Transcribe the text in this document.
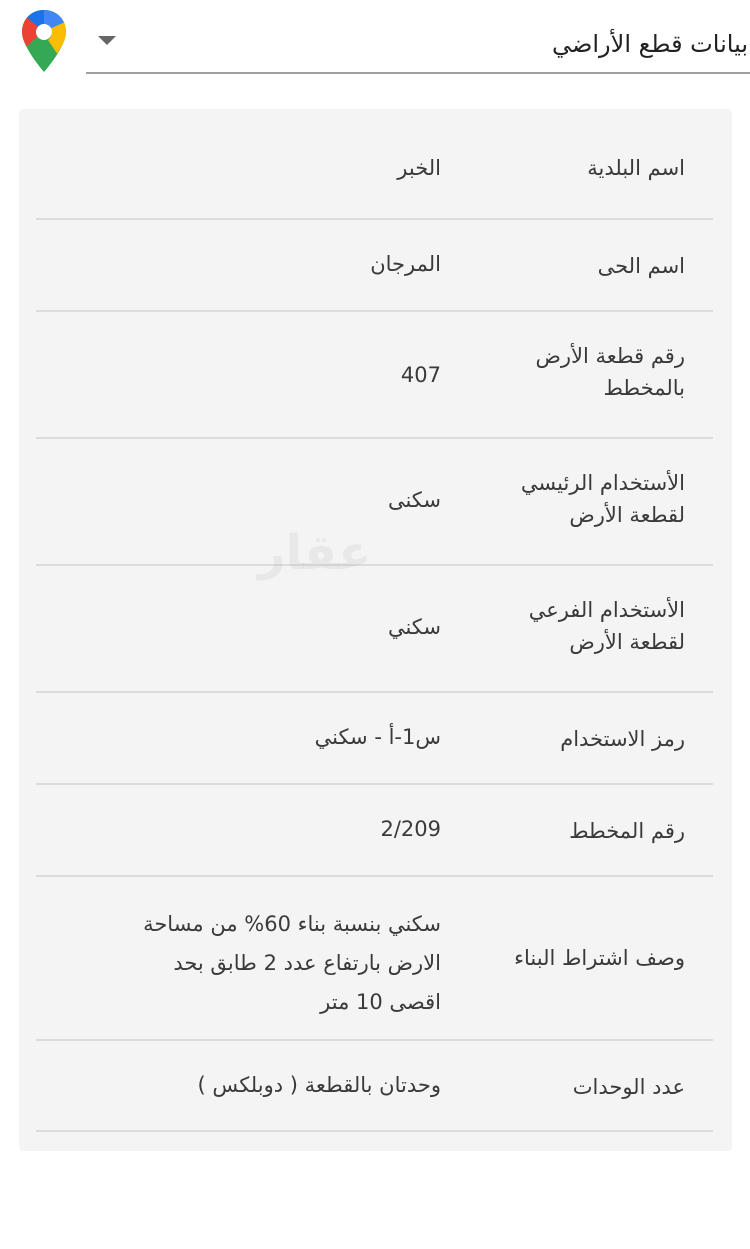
بيانات قطع الأراضي
اسم البلدية
الخبر
اسم الحى
المرجان
رقم قطعة الأرض بالمخطط
407
الأستخدام الرئيسي لقطعة الأرض
سكنى
الأستخدام الفرعي لقطعة الأرض
سكني
رمز الاستخدام
س1-أ - سكني
رقم المخطط
2/209
وصف اشتراط البناء
سكني بنسبة بناء 60% من مساحة الارض بارتفاع عدد 2 طابق بحد اقصى 10 متر
عدد الوحدات
وحدتان بالقطعة ( دوبلكس )
عقار
